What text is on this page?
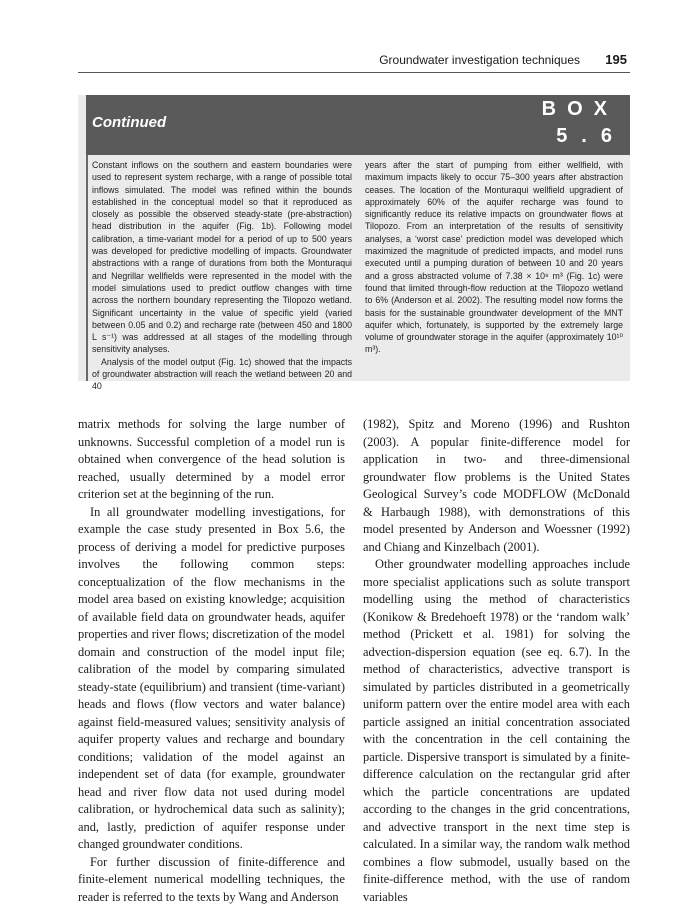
Groundwater investigation techniques 195
Continued
BOX
5.6

Constant inflows on the southern and eastern boundaries were used to represent system recharge, with a range of possible total inflows simulated. The model was refined within the bounds established in the conceptual model so that it reproduced as closely as possible the observed steady-state (pre-abstraction) head distribution in the aquifer (Fig. 1b). Following model calibration, a time-variant model for a period of up to 500 years was developed for predictive modelling of impacts. Groundwater abstractions with a range of durations from both the Monturaqui and Negrillar wellfields were represented in the model with the model simulations used to predict outflow changes with time across the northern boundary representing the Tilopozo wetland. Significant uncertainty in the value of specific yield (varied between 0.05 and 0.2) and recharge rate (between 450 and 1800 L s⁻¹) was addressed at all stages of the modelling through sensitivity analyses.

Analysis of the model output (Fig. 1c) showed that the impacts of groundwater abstraction will reach the wetland between 20 and 40

years after the start of pumping from either wellfield, with maximum impacts likely to occur 75–300 years after abstraction ceases. The location of the Monturaqui wellfield upgradient of approximately 60% of the aquifer recharge was found to significantly reduce its relative impacts on groundwater flows at Tilopozo. From an interpretation of the results of sensitivity analyses, a ‘worst case’ prediction model was developed which maximized the magnitude of predicted impacts, and model runs executed until a pumping duration of between 10 and 20 years and a gross abstracted volume of 7.38 × 10⁸ m³ (Fig. 1c) were found that limited through-flow reduction at the Tilopozo wetland to 6% (Anderson et al. 2002). The resulting model now forms the basis for the sustainable groundwater development of the MNT aquifer which, fortunately, is supported by the extremely large volume of groundwater storage in the aquifer (approximately 10¹⁰ m³).

matrix methods for solving the large number of unknowns. Successful completion of a model run is obtained when convergence of the head solution is reached, usually determined by a model error criterion set at the beginning of the run.

In all groundwater modelling investigations, for example the case study presented in Box 5.6, the process of deriving a model for predictive purposes involves the following common steps: conceptualization of the flow mechanisms in the model area based on existing knowledge; acquisition of available field data on groundwater heads, aquifer properties and river flows; discretization of the model domain and construction of the model input file; calibration of the model by comparing simulated steady-state (equilibrium) and transient (time-variant) heads and flows (flow vectors and water balance) against field-measured values; sensitivity analysis of aquifer property values and recharge and boundary conditions; validation of the model against an independent set of data (for example, groundwater head and river flow data not used during model calibration, or hydrochemical data such as salinity); and, lastly, prediction of aquifer response under changed groundwater conditions.

For further discussion of finite-difference and finite-element numerical modelling techniques, the reader is referred to the texts by Wang and Anderson

(1982), Spitz and Moreno (1996) and Rushton (2003). A popular finite-difference model for application in two- and three-dimensional groundwater flow problems is the United States Geological Survey’s code MODFLOW (McDonald & Harbaugh 1988), with demonstrations of this model presented by Anderson and Woessner (1992) and Chiang and Kinzelbach (2001).

Other groundwater modelling approaches include more specialist applications such as solute transport modelling using the method of characteristics (Konikow & Bredehoeft 1978) or the ‘random walk’ method (Prickett et al. 1981) for solving the advection-dispersion equation (see eq. 6.7). In the method of characteristics, advective transport is simulated by particles distributed in a geometrically uniform pattern over the entire model area with each particle assigned an initial concentration associated with the concentration in the cell containing the particle. Dispersive transport is simulated by a finite-difference calculation on the rectangular grid after which the particle concentrations are updated according to the changes in the grid concentrations, and advective transport in the next time step is calculated. In a similar way, the random walk method combines a flow submodel, usually based on the finite-difference method, with the use of random variables
